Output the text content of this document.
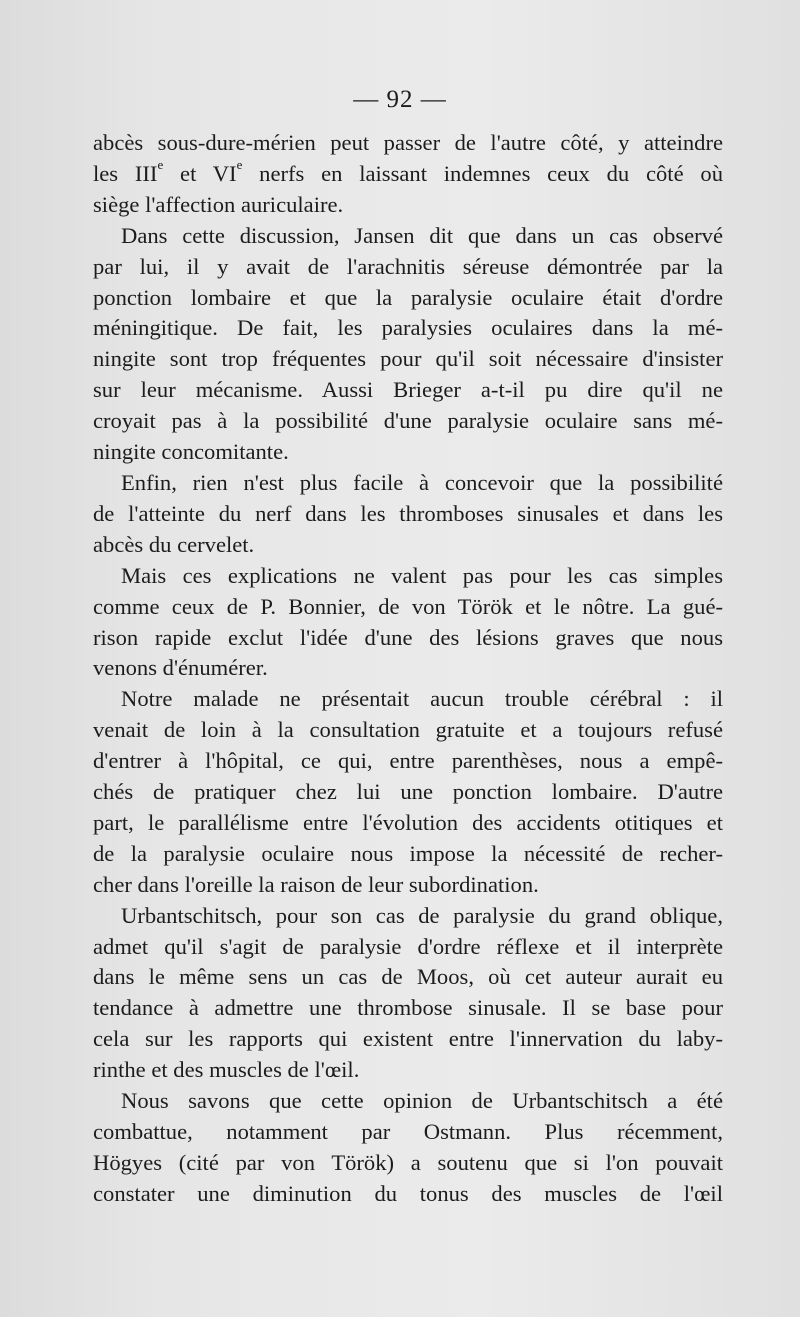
— 92 —

abcès sous-dure-mérien peut passer de l'autre côté, y atteindre

les IIIe et VIe nerfs en laissant indemnes ceux du côté où

siège l'affection auriculaire.

Dans cette discussion, Jansen dit que dans un cas observé

par lui, il y avait de l'arachnitis séreuse démontrée par la

ponction lombaire et que la paralysie oculaire était d'ordre

méningitique. De fait, les paralysies oculaires dans la mé-

ningite sont trop fréquentes pour qu'il soit nécessaire d'insister

sur leur mécanisme. Aussi Brieger a-t-il pu dire qu'il ne

croyait pas à la possibilité d'une paralysie oculaire sans mé-

ningite concomitante.

Enfin, rien n'est plus facile à concevoir que la possibilité

de l'atteinte du nerf dans les thromboses sinusales et dans les

abcès du cervelet.

Mais ces explications ne valent pas pour les cas simples

comme ceux de P. Bonnier, de von Török et le nôtre. La gué-

rison rapide exclut l'idée d'une des lésions graves que nous

venons d'énumérer.

Notre malade ne présentait aucun trouble cérébral : il

venait de loin à la consultation gratuite et a toujours refusé

d'entrer à l'hôpital, ce qui, entre parenthèses, nous a empê-

chés de pratiquer chez lui une ponction lombaire. D'autre

part, le parallélisme entre l'évolution des accidents otitiques et

de la paralysie oculaire nous impose la nécessité de recher-

cher dans l'oreille la raison de leur subordination.

Urbantschitsch, pour son cas de paralysie du grand oblique,

admet qu'il s'agit de paralysie d'ordre réflexe et il interprète

dans le même sens un cas de Moos, où cet auteur aurait eu

tendance à admettre une thrombose sinusale. Il se base pour

cela sur les rapports qui existent entre l'innervation du laby-

rinthe et des muscles de l'œil.

Nous savons que cette opinion de Urbantschitsch a été

combattue, notamment par Ostmann. Plus récemment,

Högyes (cité par von Török) a soutenu que si l'on pouvait

constater une diminution du tonus des muscles de l'œil
